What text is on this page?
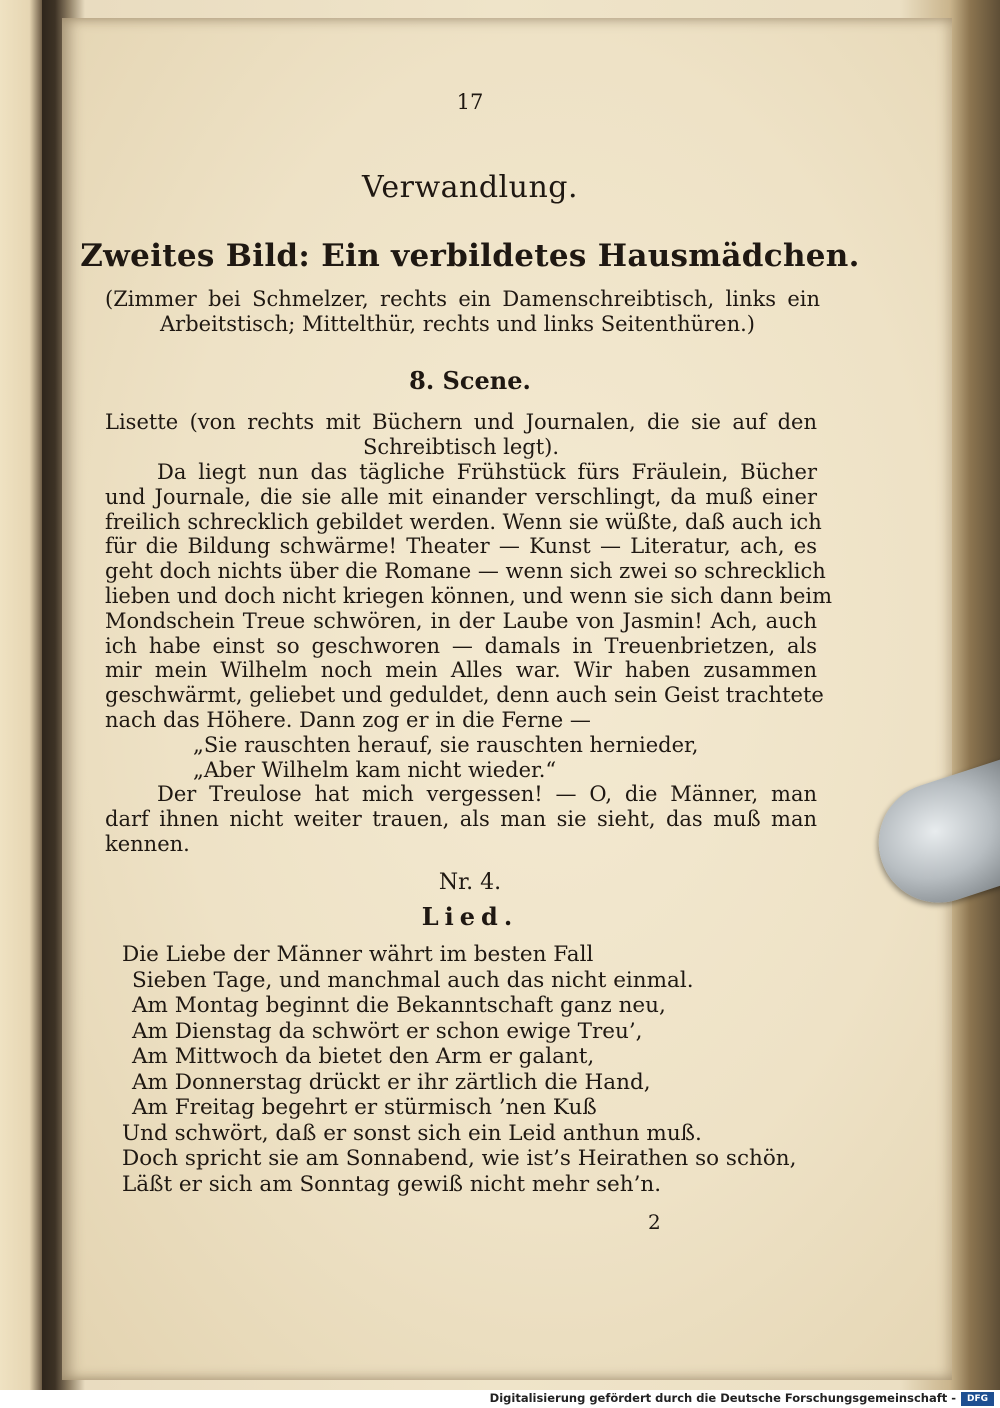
17
Verwandlung.
Zweites Bild: Ein verbildetes Hausmädchen.
(Zimmer bei Schmelzer, rechts ein Damenschreibtisch, links ein
Arbeitstisch; Mittelthür, rechts und links Seitenthüren.)
8. Scene.
Lisette (von rechts mit Büchern und Journalen, die sie auf den
Schreibtisch legt).
Da liegt nun das tägliche Frühstück fürs Fräulein, Bücher
und Journale, die sie alle mit einander verschlingt, da muß einer
freilich schrecklich gebildet werden. Wenn sie wüßte, daß auch ich
für die Bildung schwärme! Theater — Kunst — Literatur, ach, es
geht doch nichts über die Romane — wenn sich zwei so schrecklich
lieben und doch nicht kriegen können, und wenn sie sich dann beim
Mondschein Treue schwören, in der Laube von Jasmin! Ach, auch
ich habe einst so geschworen — damals in Treuenbrietzen, als
mir mein Wilhelm noch mein Alles war. Wir haben zusammen
geschwärmt, geliebet und geduldet, denn auch sein Geist trachtete
nach das Höhere. Dann zog er in die Ferne —
„Sie rauschten herauf, sie rauschten hernieder,
„Aber Wilhelm kam nicht wieder.“
Der Treulose hat mich vergessen! — O, die Männer, man
darf ihnen nicht weiter trauen, als man sie sieht, das muß man
kennen.
Nr. 4.
Lied.
Die Liebe der Männer währt im besten Fall
Sieben Tage, und manchmal auch das nicht einmal.
Am Montag beginnt die Bekanntschaft ganz neu,
Am Dienstag da schwört er schon ewige Treu’,
Am Mittwoch da bietet den Arm er galant,
Am Donnerstag drückt er ihr zärtlich die Hand,
Am Freitag begehrt er stürmisch ’nen Kuß
Und schwört, daß er sonst sich ein Leid anthun muß.
Doch spricht sie am Sonnabend, wie ist’s Heirathen so schön,
Läßt er sich am Sonntag gewiß nicht mehr seh’n.
2
Digitalisierung gefördert durch die Deutsche Forschungsgemeinschaft -	DFG
